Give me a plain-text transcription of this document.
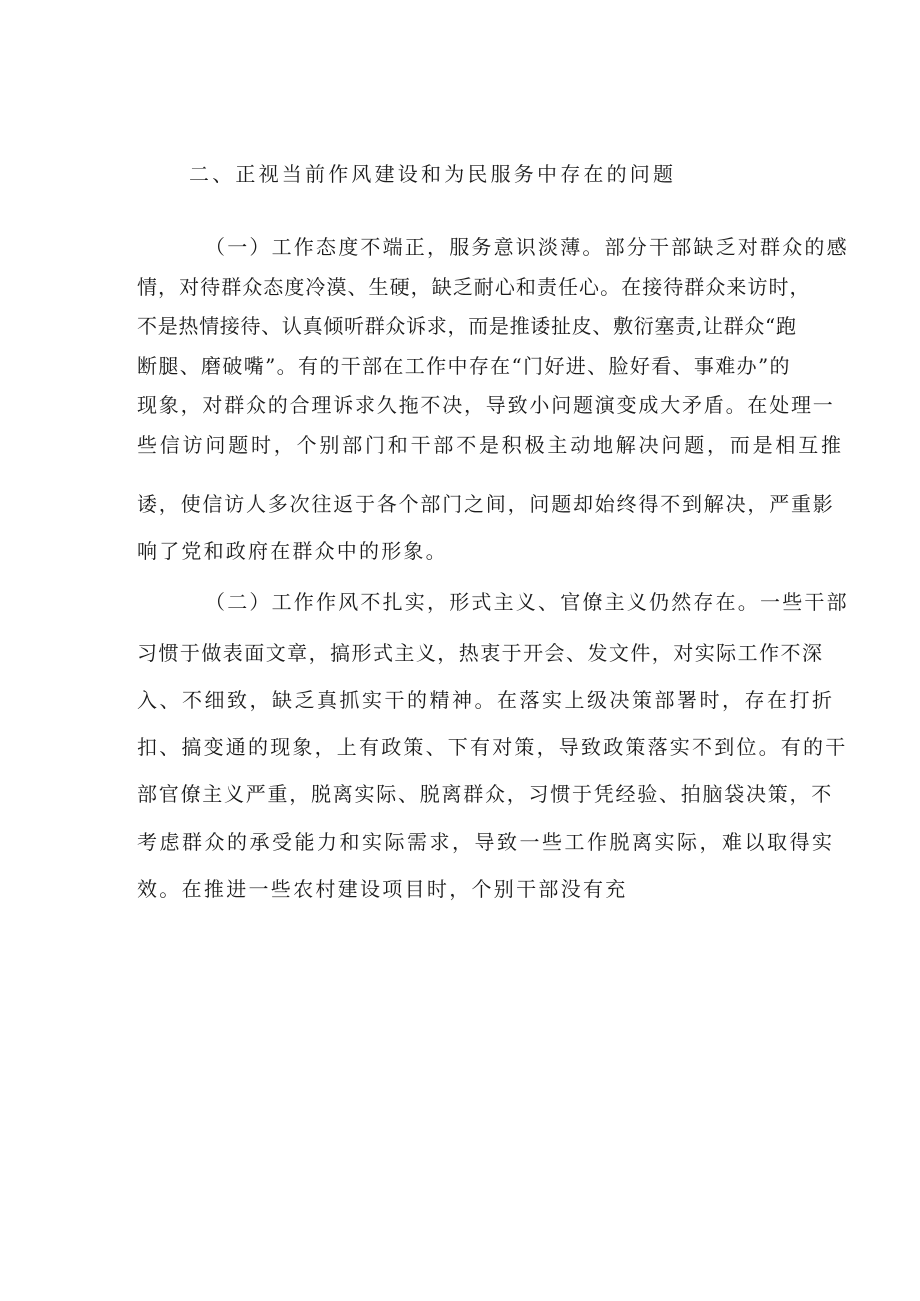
二、正视当前作风建设和为民服务中存在的问题

（一）工作态度不端正，服务意识淡薄。部分干部缺乏对群众的感

情，对待群众态度冷漠、生硬，缺乏耐心和责任心。在接待群众来访时，

不是热情接待、认真倾听群众诉求，而是推诿扯皮、敷衍塞责,让群众“跑

断腿、磨破嘴”。有的干部在工作中存在“门好进、脸好看、事难办”的

现象，对群众的合理诉求久拖不决，导致小问题演变成大矛盾。在处理一

些信访问题时，个别部门和干部不是积极主动地解决问题，而是相互推

诿，使信访人多次往返于各个部门之间，问题却始终得不到解决，严重影

响了党和政府在群众中的形象。

（二）工作作风不扎实，形式主义、官僚主义仍然存在。一些干部

习惯于做表面文章，搞形式主义，热衷于开会、发文件，对实际工作不深

入、不细致，缺乏真抓实干的精神。在落实上级决策部署时，存在打折

扣、搞变通的现象，上有政策、下有对策，导致政策落实不到位。有的干

部官僚主义严重，脱离实际、脱离群众，习惯于凭经验、拍脑袋决策，不

考虑群众的承受能力和实际需求，导致一些工作脱离实际，难以取得实

效。在推进一些农村建设项目时，个别干部没有充
